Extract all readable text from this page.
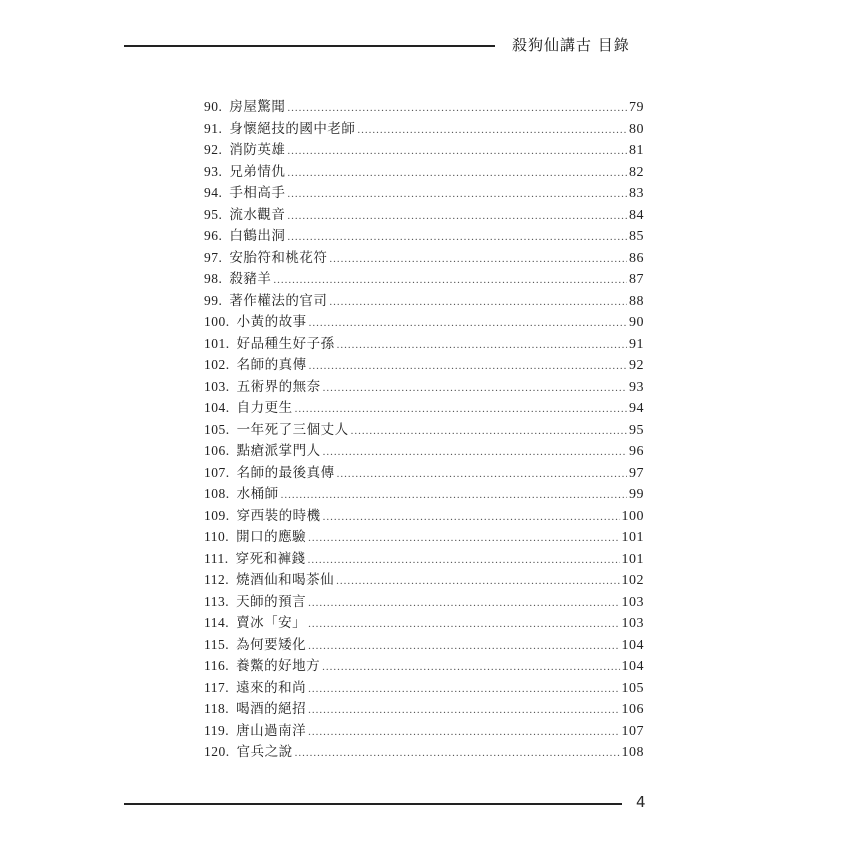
殺狗仙講古 目錄
90. 房屋驚聞 .....	79
91. 身懷絕技的國中老師 .....	80
92. 消防英雄 .....	81
93. 兄弟情仇 .....	82
94. 手相高手 .....	83
95. 流水觀音 .....	84
96. 白鶴出洞 .....	85
97. 安胎符和桃花符 .....	86
98. 殺豬羊 .....	87
99. 著作權法的官司 .....	88
100. 小黃的故事 .....	90
101. 好品種生好子孫 .....	91
102. 名師的真傳 .....	92
103. 五術界的無奈 .....	93
104. 自力更生 .....	94
105. 一年死了三個丈人 .....	95
106. 點瘡派掌門人 .....	96
107. 名師的最後真傳 .....	97
108. 水桶師 .....	99
109. 穿西裝的時機 .....	100
110. 開口的應驗 .....	101
111. 穿死和褲錢 .....	101
112. 燒酒仙和喝茶仙 .....	102
113. 天師的預言 .....	103
114. 賣冰「安」 .....	103
115. 為何要矮化 .....	104
116. 養鱉的好地方 .....	104
117. 遠來的和尚 .....	105
118. 喝酒的絕招 .....	106
119. 唐山過南洋 .....	107
120. 官兵之說 .....	108
4
